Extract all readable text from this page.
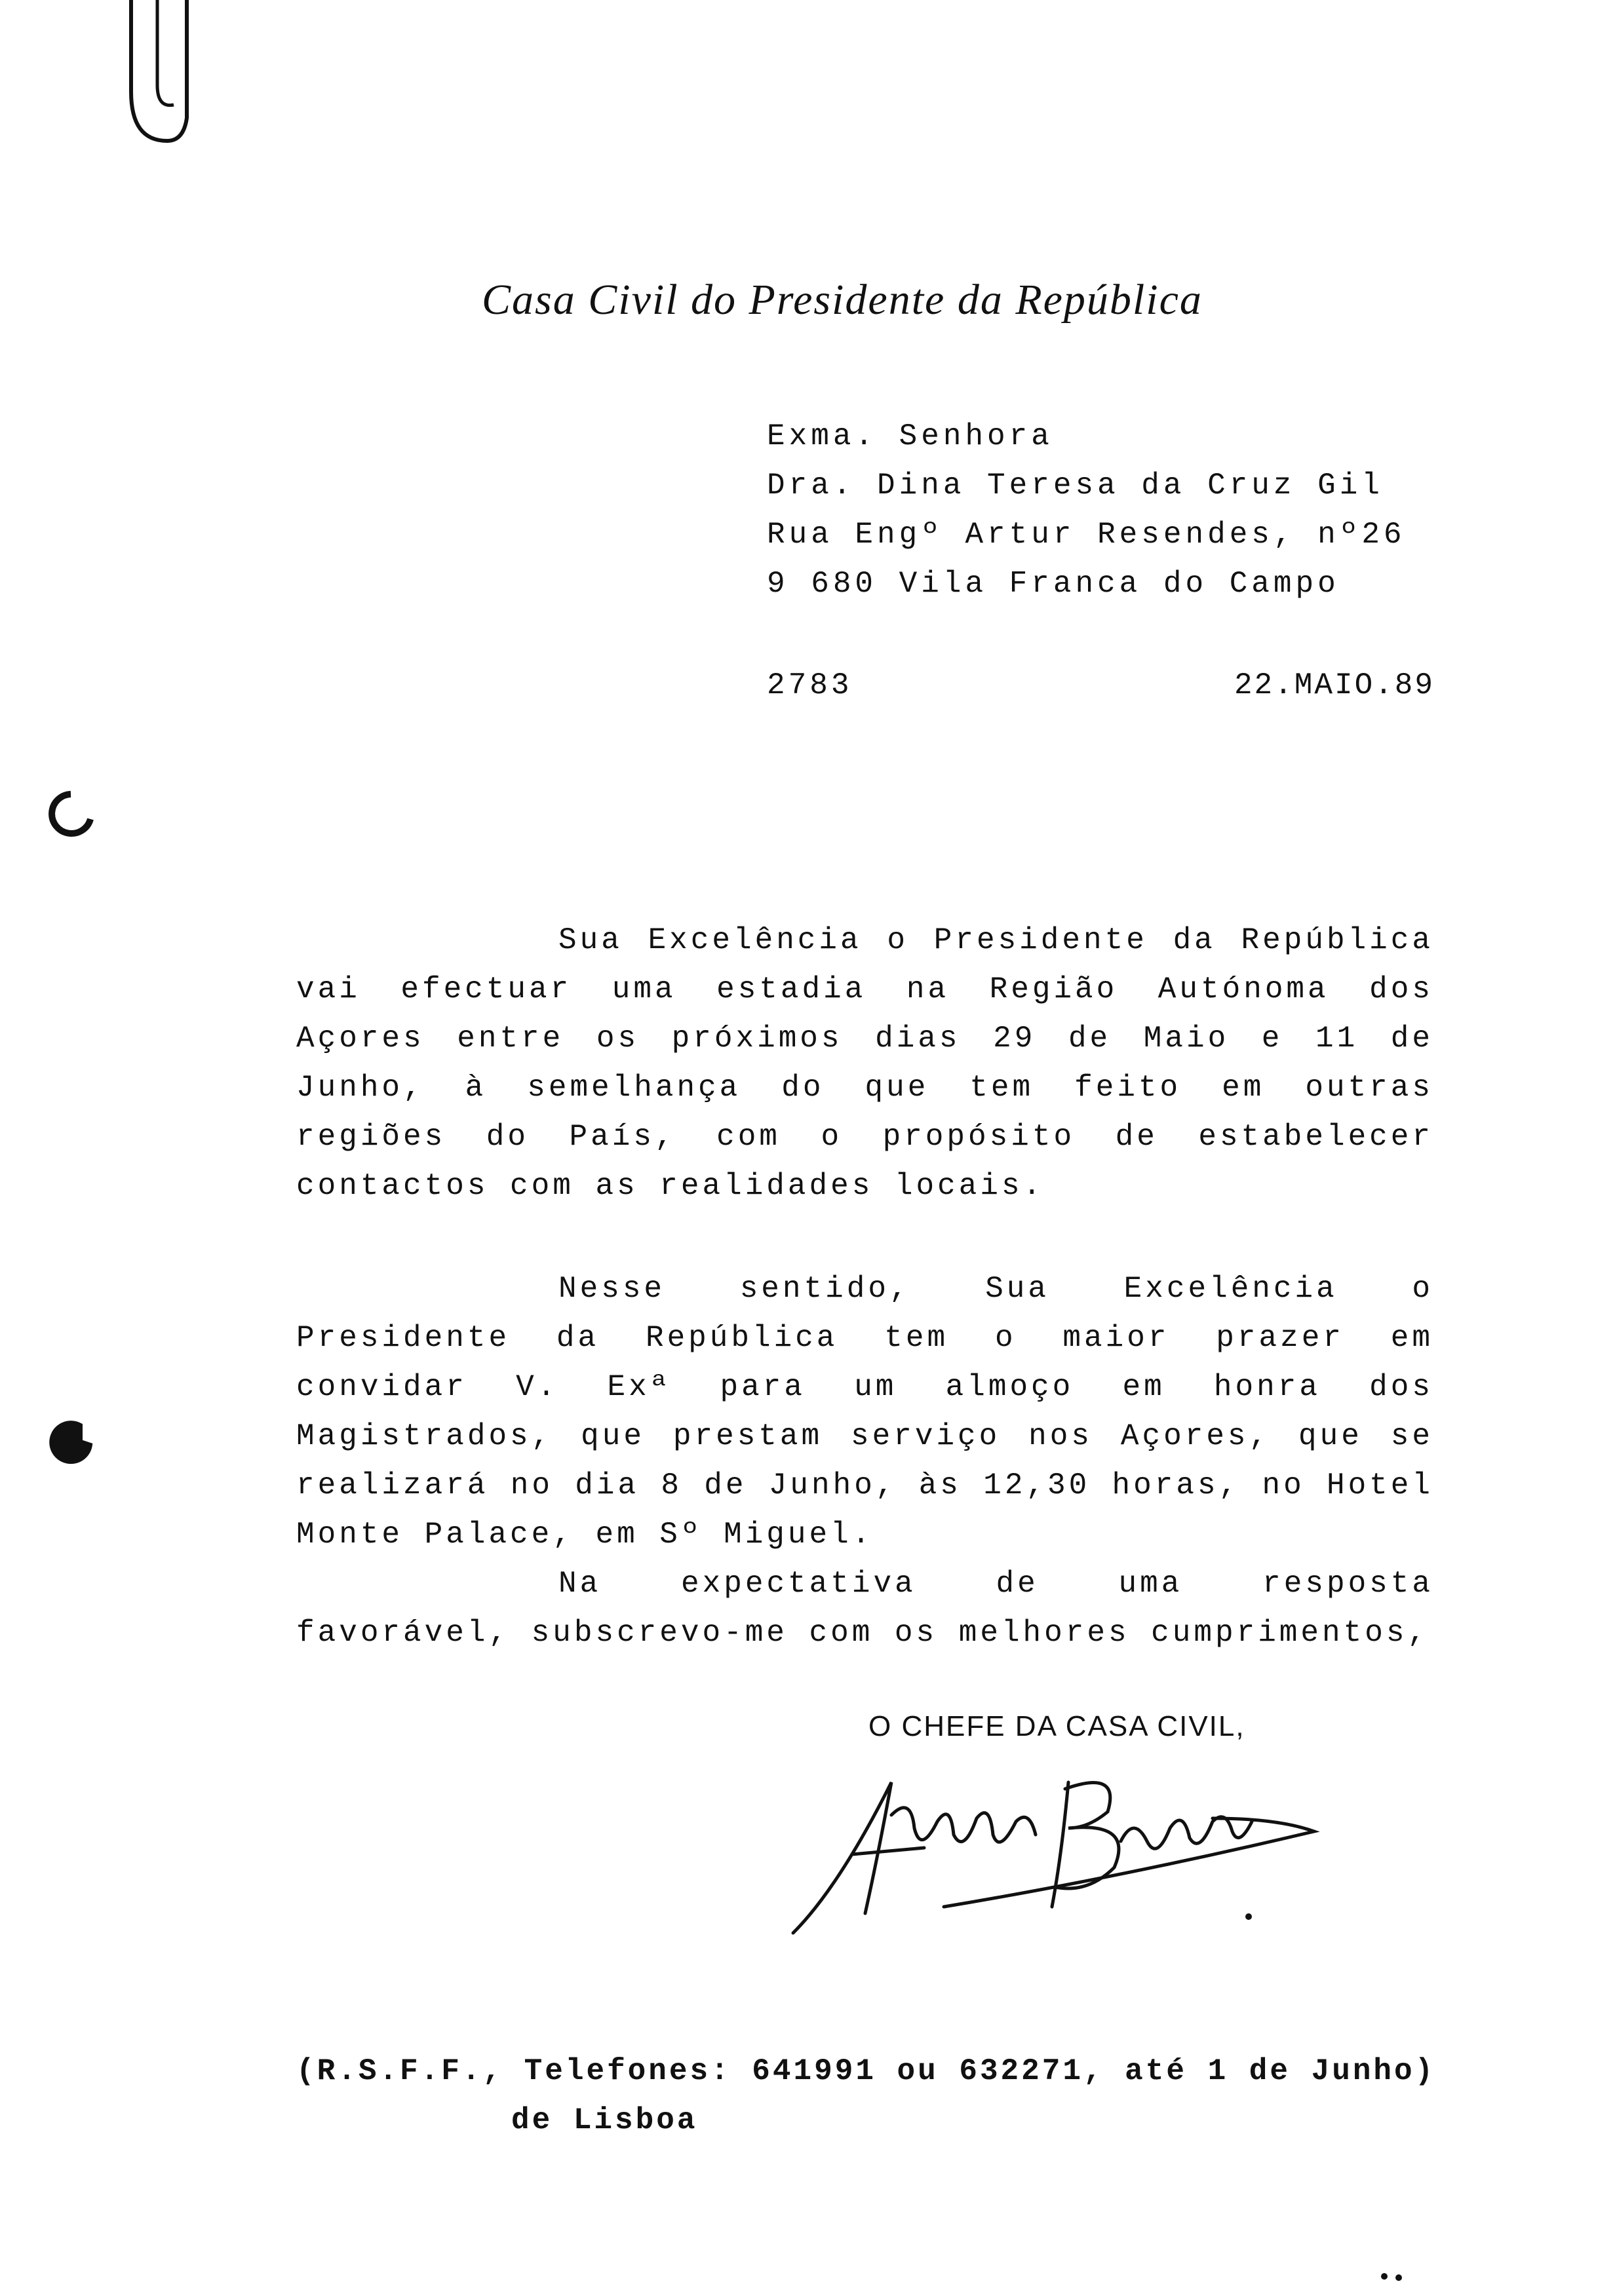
Casa Civil do Presidente da República
Exma. Senhora
Dra. Dina Teresa da Cruz Gil
Rua Engº Artur Resendes, nº26
9 680 Vila Franca do Campo
2783	22.MAIO.89
Sua Excelência o Presidente da República vai efectuar uma estadia na Região Autónoma dos Açores entre os próximos dias 29 de Maio e 11 de Junho, à semelhança do que tem feito em outras regiões do País, com o propósito de estabelecer contactos com as realidades locais.
Nesse sentido, Sua Excelência o Presidente da República tem o maior prazer em convidar V. Exª para um almoço em honra dos Magistrados, que prestam serviço nos Açores, que se realizará no dia 8 de Junho, às 12,30 horas, no Hotel Monte Palace, em Sº Miguel.
Na expectativa de uma resposta favorável, subscrevo-me com os melhores cumprimentos,
O CHEFE DA CASA CIVIL,
(R.S.F.F., Telefones: 641991 ou 632271, até 1 de Junho)
de Lisboa
